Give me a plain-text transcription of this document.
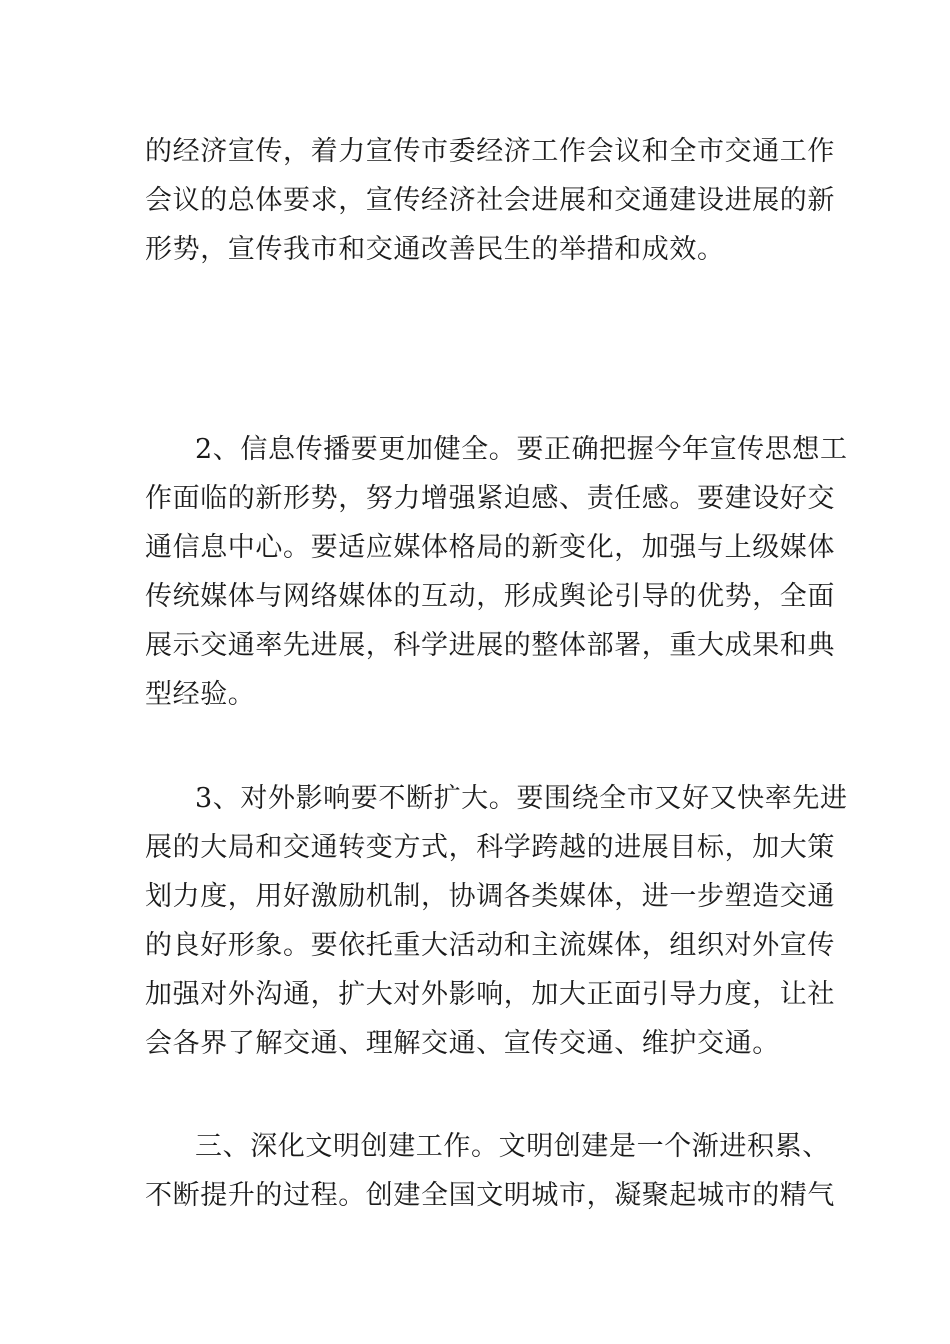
的经济宣传，着力宣传市委经济工作会议和全市交通工作
会议的总体要求，宣传经济社会进展和交通建设进展的新
形势，宣传我市和交通改善民生的举措和成效。
2、信息传播要更加健全。要正确把握今年宣传思想工
作面临的新形势，努力增强紧迫感、责任感。要建设好交
通信息中心。要适应媒体格局的新变化，加强与上级媒体
传统媒体与网络媒体的互动，形成舆论引导的优势，全面
展示交通率先进展，科学进展的整体部署，重大成果和典
型经验。
3、对外影响要不断扩大。要围绕全市又好又快率先进
展的大局和交通转变方式，科学跨越的进展目标，加大策
划力度，用好激励机制，协调各类媒体，进一步塑造交通
的良好形象。要依托重大活动和主流媒体，组织对外宣传
加强对外沟通，扩大对外影响，加大正面引导力度，让社
会各界了解交通、理解交通、宣传交通、维护交通。
三、深化文明创建工作。文明创建是一个渐进积累、
不断提升的过程。创建全国文明城市，凝聚起城市的精气
